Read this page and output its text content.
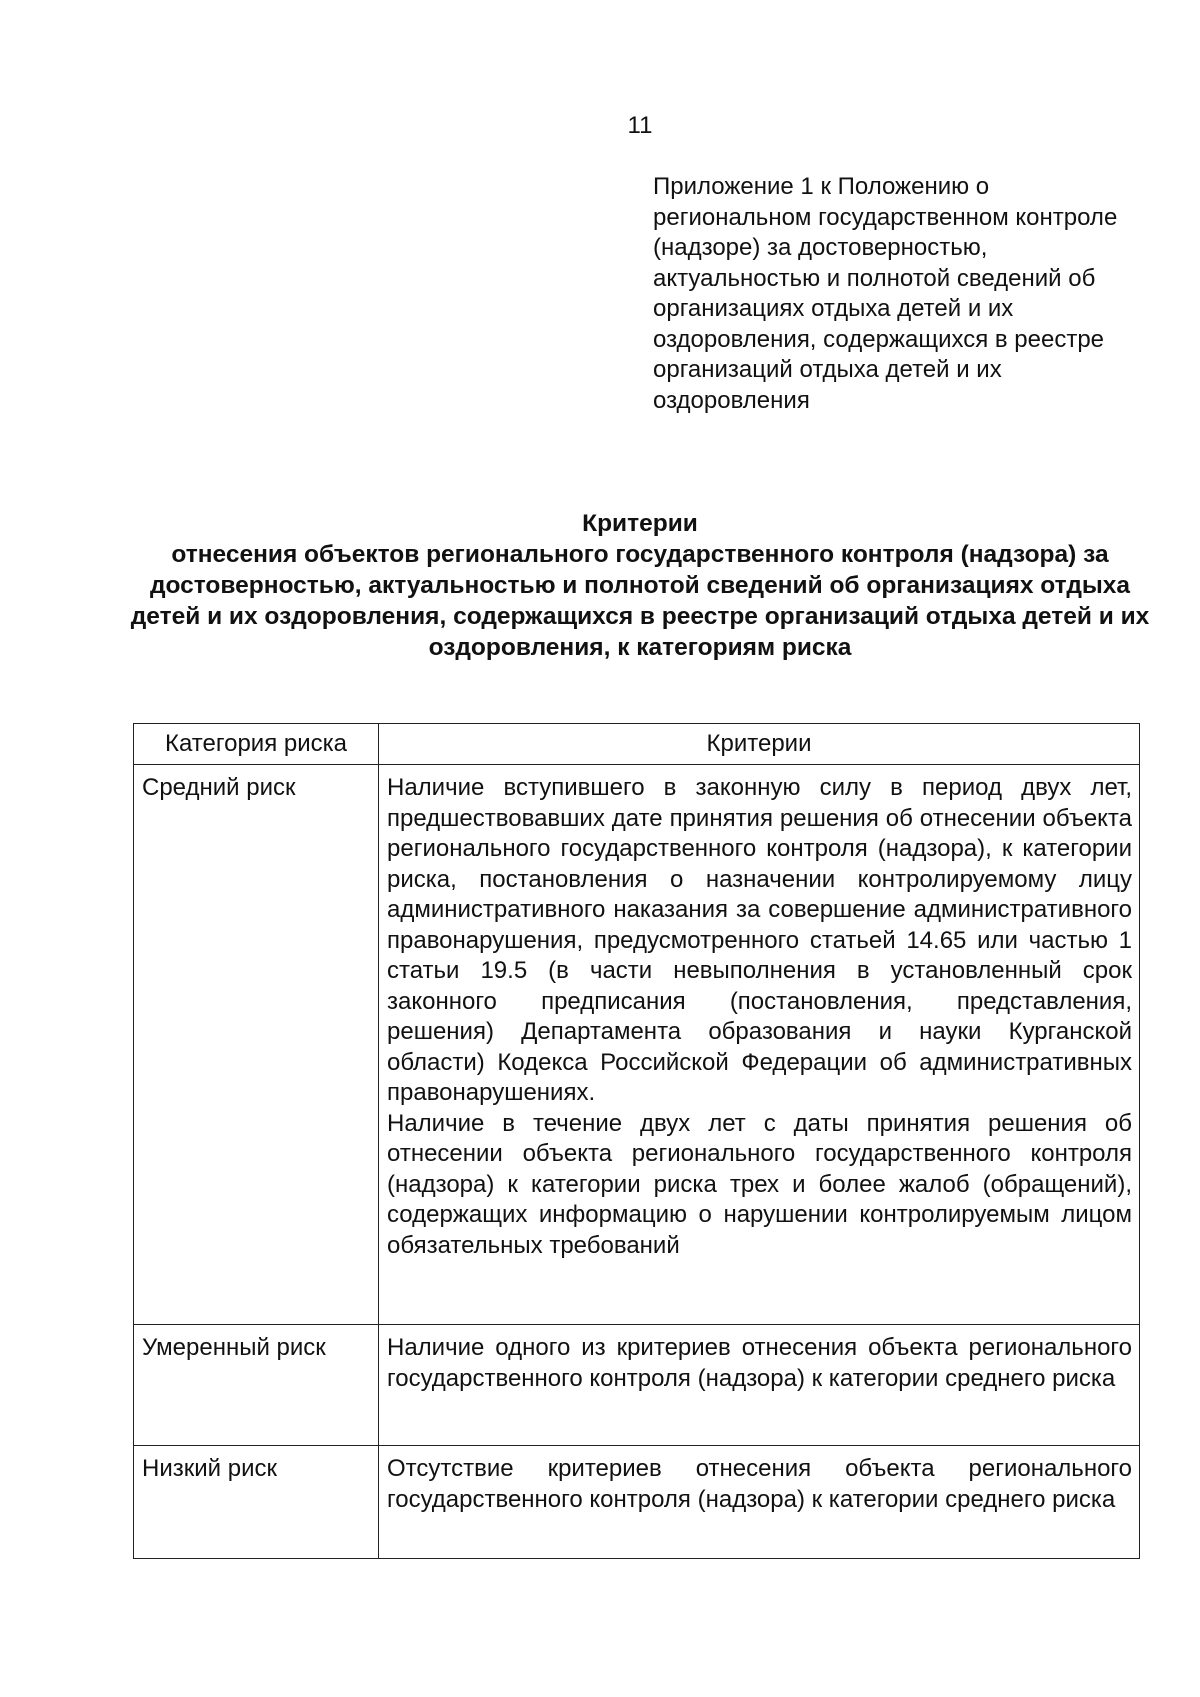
11
Приложение 1 к Положению о региональном государственном контроле (надзоре) за достоверностью, актуальностью и полнотой сведений об организациях отдыха детей и их оздоровления, содержащихся в реестре организаций отдыха детей и их оздоровления
Критерии
отнесения объектов регионального государственного контроля (надзора) за достоверностью, актуальностью и полнотой сведений об организациях отдыха детей и их оздоровления, содержащихся в реестре организаций отдыха детей и их оздоровления, к категориям риска
Категория риска	Критерии
Средний риск	Наличие вступившего в законную силу в период двух лет, предшествовавших дате принятия решения об отнесении объекта регионального государственного контроля (надзора), к категории риска, постановления о назначении контролируемому лицу административного наказания за совершение административного правонарушения, предусмотренного статьей 14.65 или частью 1 статьи 19.5 (в части невыполнения в установленный срок законного предписания (постановления, представления, решения) Департамента образования и науки Курганской области) Кодекса Российской Федерации об административных правонарушениях.

Наличие в течение двух лет с даты принятия решения об отнесении объекта регионального государственного контроля (надзора) к категории риска трех и более жалоб (обращений), содержащих информацию о нарушении контролируемым лицом обязательных требований

Умеренный риск	Наличие одного из критериев отнесения объекта регионального государственного контроля (надзора) к категории среднего риска

Низкий риск	Отсутствие критериев отнесения объекта регионального государственного контроля (надзора) к категории среднего риска
